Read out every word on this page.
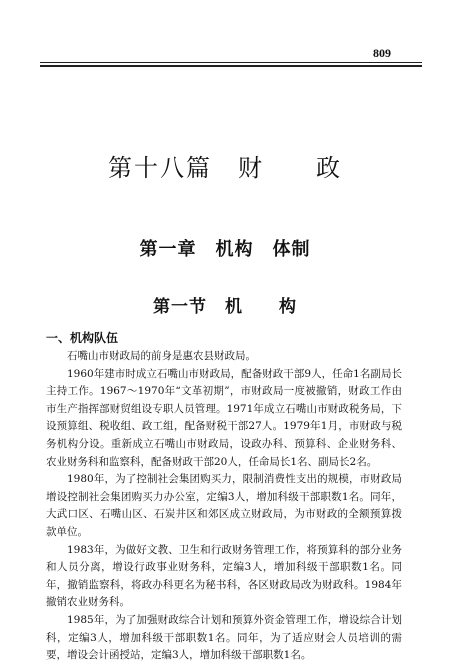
809
第十八篇　财　　政
第一章　机构　体制
第一节　机　　构
一、机构队伍

石嘴山市财政局的前身是惠农县财政局。

1960年建市时成立石嘴山市财政局，配备财政干部9人，任命1名副局长主持工作。1967～1970年“文革初期”，市财政局一度被撤销，财政工作由市生产指挥部财贸组设专职人员管理。1971年成立石嘴山市财政税务局，下设预算组、税收组、政工组，配备财税干部27人。1979年1月，市财政与税务机构分设。重新成立石嘴山市财政局，设政办科、预算科、企业财务科、农业财务科和监察科，配备财政干部20人，任命局长1名、副局长2名。

1980年，为了控制社会集团购买力，限制消费性支出的规模，市财政局增设控制社会集团购买力办公室，定编3人，增加科级干部职数1名。同年，大武口区、石嘴山区、石炭井区和郊区成立财政局，为市财政的全额预算拨款单位。

1983年，为做好文教、卫生和行政财务管理工作，将预算科的部分业务和人员分离，增设行政事业财务科，定编3人，增加科级干部职数1名。同年，撤销监察科，将政办科更名为秘书科，各区财政局改为财政科。1984年撤销农业财务科。

1985年，为了加强财政综合计划和预算外资金管理工作，增设综合计划科，定编3人，增加科级干部职数1名。同年，为了适应财会人员培训的需要，增设会计函授站，定编3人，增加科级干部职数1名。
